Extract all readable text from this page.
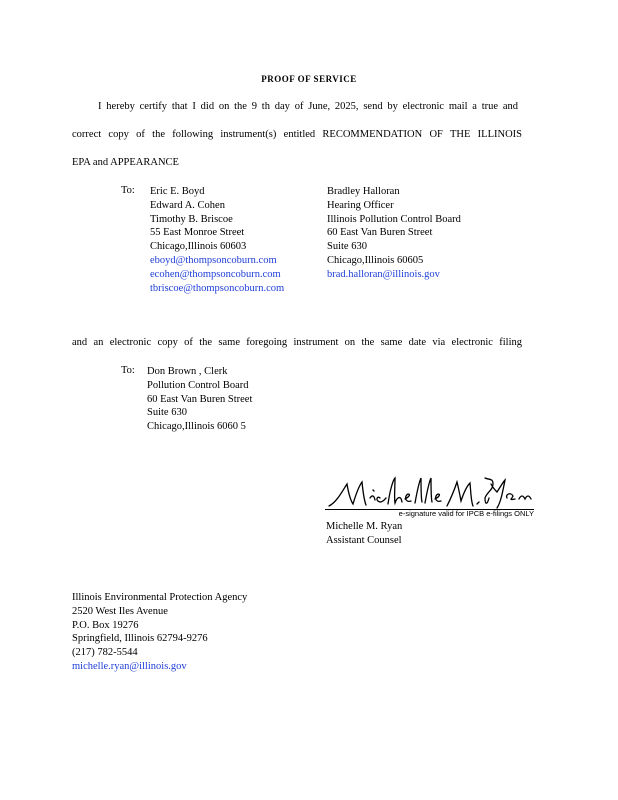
PROOF OF SERVICE
I hereby certify that I did on the 9 th day of June, 2025, send by electronic mail a true and
correct copy of the following instrument(s) entitled RECOMMENDATION OF THE ILLINOIS
EPA and APPEARANCE
To: Eric E. Boyd
Edward A. Cohen
Timothy B. Briscoe
55 East Monroe Street
Chicago,Illinois 60603
eboyd@thompsoncoburn.com
ecohen@thompsoncoburn.com
tbriscoe@thompsoncoburn.com
Bradley Halloran
Hearing Officer
Illinois Pollution Control Board
60 East Van Buren Street
Suite 630
Chicago,Illinois 60605
brad.halloran@illinois.gov
and an electronic copy of the same foregoing instrument on the same date via electronic filing
To: Don Brown , Clerk
Pollution Control Board
60 East Van Buren Street
Suite 630
Chicago,Illinois 6060 5
e-signature valid for IPCB e-filings ONLY
Michelle M. Ryan
Assistant Counsel
Illinois Environmental Protection Agency
2520 West Iles Avenue
P.O. Box 19276
Springfield, Illinois 62794-9276
(217) 782-5544
michelle.ryan@illinois.gov
